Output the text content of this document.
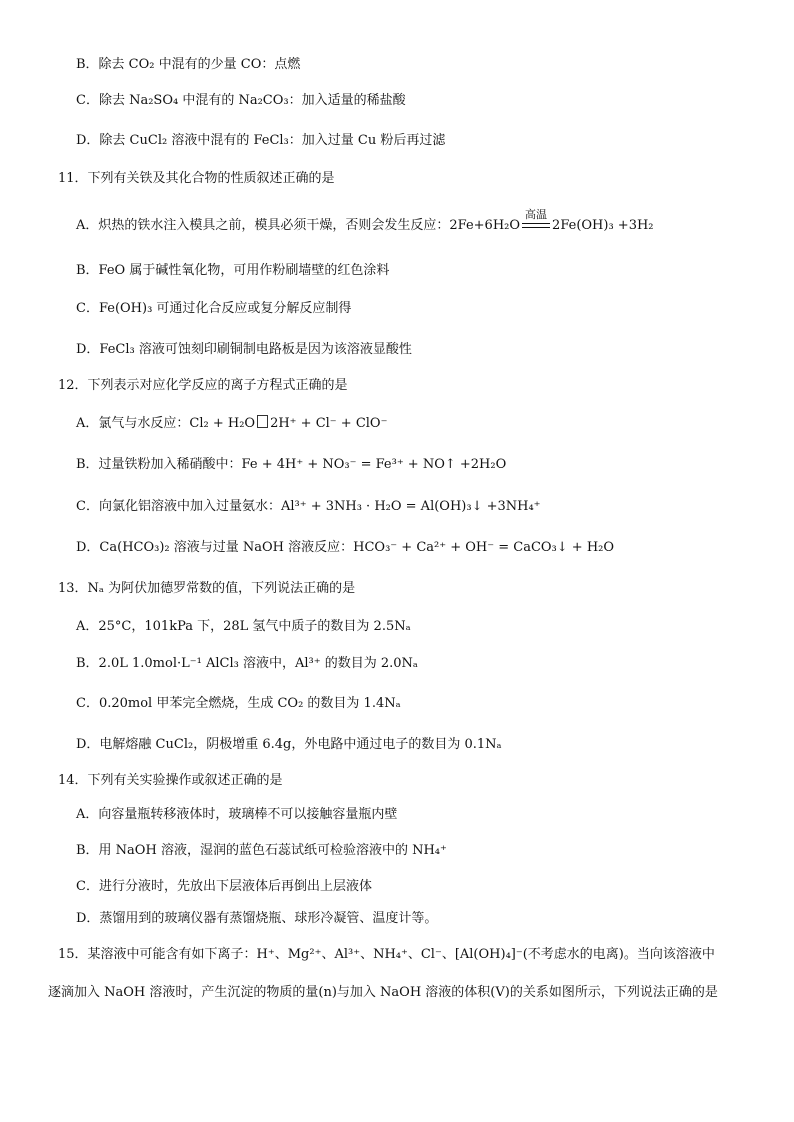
B．除去 CO₂ 中混有的少量 CO：点燃
C．除去 Na₂SO₄ 中混有的 Na₂CO₃：加入适量的稀盐酸
D．除去 CuCl₂ 溶液中混有的 FeCl₃：加入过量 Cu 粉后再过滤
11．下列有关铁及其化合物的性质叙述正确的是
A．炽热的铁水注入模具之前，模具必须干燥，否则会发生反应：2Fe+6H₂O
高温
2Fe(OH)₃ +3H₂
B．FeO 属于碱性氧化物，可用作粉刷墙壁的红色涂料
C．Fe(OH)₃ 可通过化合反应或复分解反应制得
D．FeCl₃ 溶液可蚀刻印刷铜制电路板是因为该溶液显酸性
12．下列表示对应化学反应的离子方程式正确的是
A．氯气与水反应：Cl₂ + H₂O 2H⁺ + Cl⁻ + ClO⁻
B．过量铁粉加入稀硝酸中：Fe + 4H⁺ + NO₃⁻ = Fe³⁺ + NO↑ +2H₂O
C．向氯化铝溶液中加入过量氨水：Al³⁺ + 3NH₃ · H₂O = Al(OH)₃↓ +3NH₄⁺
D．Ca(HCO₃)₂ 溶液与过量 NaOH 溶液反应：HCO₃⁻ + Ca²⁺ + OH⁻ = CaCO₃↓ + H₂O
13．Nₐ 为阿伏加德罗常数的值，下列说法正确的是
A．25°C，101kPa 下，28L 氢气中质子的数目为 2.5Nₐ
B．2.0L 1.0mol·L⁻¹ AlCl₃ 溶液中，Al³⁺ 的数目为 2.0Nₐ
C．0.20mol 甲苯完全燃烧，生成 CO₂ 的数目为 1.4Nₐ
D．电解熔融 CuCl₂，阴极增重 6.4g，外电路中通过电子的数目为 0.1Nₐ
14．下列有关实验操作或叙述正确的是
A．向容量瓶转移液体时，玻璃棒不可以接触容量瓶内壁
B．用 NaOH 溶液，湿润的蓝色石蕊试纸可检验溶液中的 NH₄⁺
C．进行分液时，先放出下层液体后再倒出上层液体
D．蒸馏用到的玻璃仪器有蒸馏烧瓶、球形冷凝管、温度计等。
15．某溶液中可能含有如下离子：H⁺、Mg²⁺、Al³⁺、NH₄⁺、Cl⁻、[Al(OH)₄]⁻(不考虑水的电离)。当向该溶液中
逐滴加入 NaOH 溶液时，产生沉淀的物质的量(n)与加入 NaOH 溶液的体积(V)的关系如图所示，下列说法正确的是
